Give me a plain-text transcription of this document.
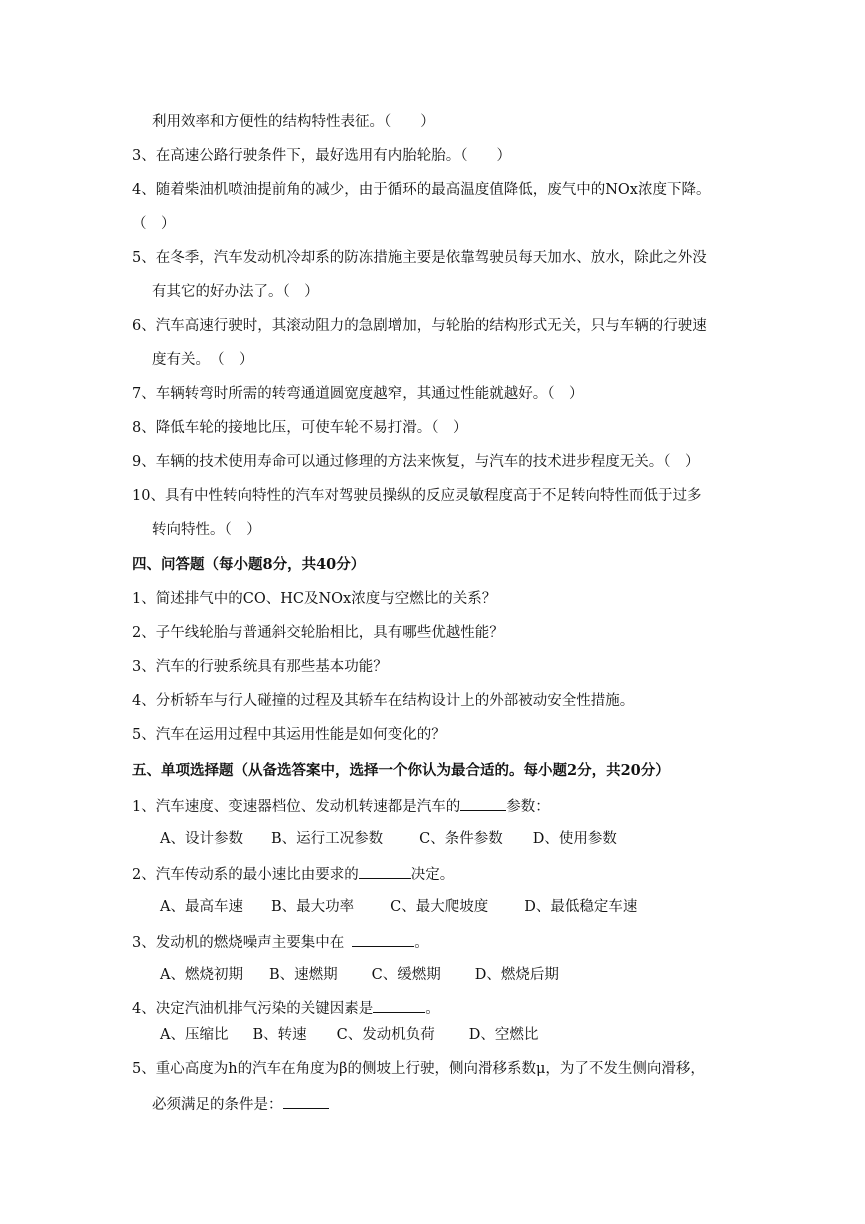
利用效率和方便性的结构特性表征。（　　）
3、在高速公路行驶条件下，最好选用有内胎轮胎。（　　）
4、随着柴油机喷油提前角的减少，由于循环的最高温度值降低，废气中的NOx浓度下降。
（　）
5、在冬季，汽车发动机冷却系的防冻措施主要是依靠驾驶员每天加水、放水，除此之外没
有其它的好办法了。（　）
6、汽车高速行驶时，其滚动阻力的急剧增加，与轮胎的结构形式无关，只与车辆的行驶速
度有关。　（　）
7、车辆转弯时所需的转弯通道圆宽度越窄，其通过性能就越好。（　）
8、降低车轮的接地比压，可使车轮不易打滑。（　）
9、车辆的技术使用寿命可以通过修理的方法来恢复，与汽车的技术进步程度无关。（　）
10、具有中性转向特性的汽车对驾驶员操纵的反应灵敏程度高于不足转向特性而低于过多
转向特性。（　）
四、问答题（每小题8分，共40分）
1、简述排气中的CO、HC及NOx浓度与空燃比的关系？
2、子午线轮胎与普通斜交轮胎相比，具有哪些优越性能？
3、汽车的行驶系统具有那些基本功能？
4、分析轿车与行人碰撞的过程及其轿车在结构设计上的外部被动安全性措施。
5、汽车在运用过程中其运用性能是如何变化的？
五、单项选择题（从备选答案中，选择一个你认为最合适的。每小题2分，共20分）
1、汽车速度、变速器档位、发动机转速都是汽车的	参数：
A、设计参数 B、运行工况参数 C、条件参数 D、使用参数
2、汽车传动系的最小速比由要求的	决定。
A、最高车速 B、最大功率 C、最大爬坡度 D、最低稳定车速
3、发动机的燃烧噪声主要集中在	。
A、燃烧初期 B、速燃期 C、缓燃期 D、燃烧后期
4、决定汽油机排气污染的关键因素是	。
A、压缩比 B、转速 C、发动机负荷 D、空燃比
5、重心高度为h的汽车在角度为β的侧坡上行驶，侧向滑移系数μ，为了不发生侧向滑移，
必须满足的条件是：
